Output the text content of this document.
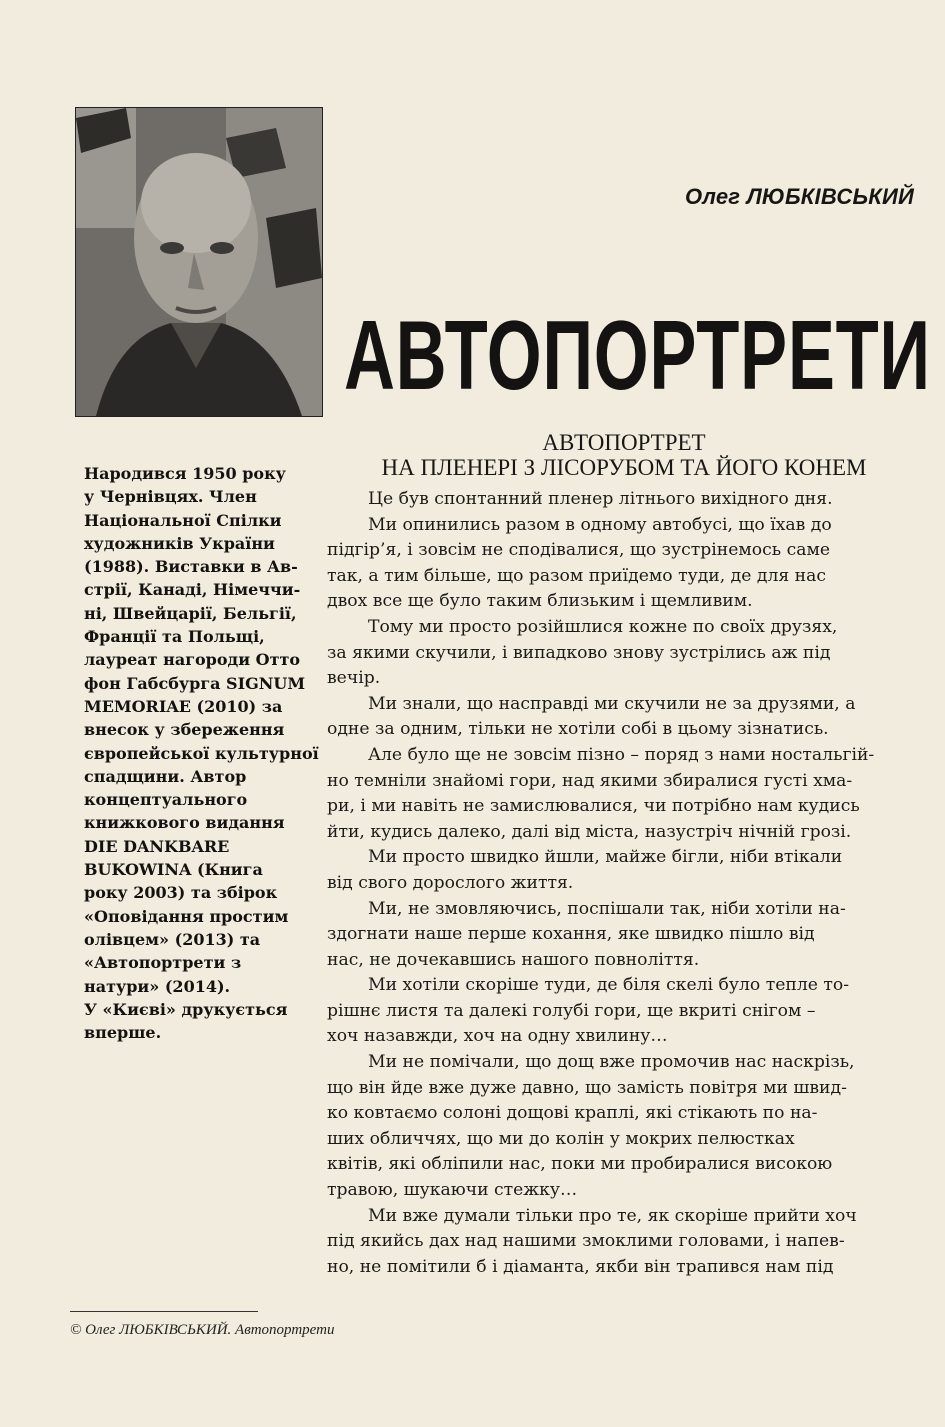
Олег ЛЮБКІВСЬКИЙ
АВТОПОРТРЕТИ
АВТОПОРТРЕТ
НА ПЛЕНЕРІ З ЛІСОРУБОМ ТА ЙОГО КОНЕМ
Народився 1950 року
у Чернівцях. Член
Національної Спілки
художників України
(1988). Виставки в Ав-
стрії, Канаді, Німеччи-
ні, Швейцарії, Бельгії,
Франції та Польщі,
лауреат нагороди Отто
фон Габсбурга SIGNUM
MEMORIAE (2010) за
внесок у збереження
європейської культурної
спадщини. Автор
концептуального
книжкового видання
DIE DANKBARE
BUKOWINA (Книга
року 2003) та збірок
«Оповідання простим
олівцем» (2013) та
«Автопортрети з
натури» (2014).
У «Києві» друкується
вперше.
Це був спонтанний пленер літнього вихідного дня.
Ми опинились разом в одному автобусі, що їхав до
підгір’я, і зовсім не сподівалися, що зустрінемось саме
так, а тим більше, що разом приїдемо туди, де для нас
двох все ще було таким близьким і щемливим.
Тому ми просто розійшлися кожне по своїх друзях,
за якими скучили, і випадково знову зустрілись аж під
вечір.
Ми знали, що насправді ми скучили не за друзями, а
одне за одним, тільки не хотіли собі в цьому зізнатись.
Але було ще не зовсім пізно – поряд з нами ностальгій-
но темніли знайомі гори, над якими збиралися густі хма-
ри, і ми навіть не замислювалися, чи потрібно нам кудись
йти, кудись далеко, далі від міста, назустріч нічній грозі.
Ми просто швидко йшли, майже бігли, ніби втікали
від свого дорослого життя.
Ми, не змовляючись, поспішали так, ніби хотіли на-
здогнати наше перше кохання, яке швидко пішло від
нас, не дочекавшись нашого повноліття.
Ми хотіли скоріше туди, де біля скелі було тепле то-
рішнє листя та далекі голубі гори, ще вкриті снігом –
хоч назавжди, хоч на одну хвилину…
Ми не помічали, що дощ вже промочив нас наскрізь,
що він йде вже дуже давно, що замість повітря ми швид-
ко ковтаємо солоні дощові краплі, які стікають по на-
ших обличчях, що ми до колін у мокрих пелюстках
квітів, які обліпили нас, поки ми пробиралися високою
травою, шукаючи стежку…
Ми вже думали тільки про те, як скоріше прийти хоч
під якийсь дах над нашими змоклими головами, і напев-
но, не помітили б і діаманта, якби він трапився нам під
© Олег ЛЮБКІВСЬКИЙ. Автопортрети
